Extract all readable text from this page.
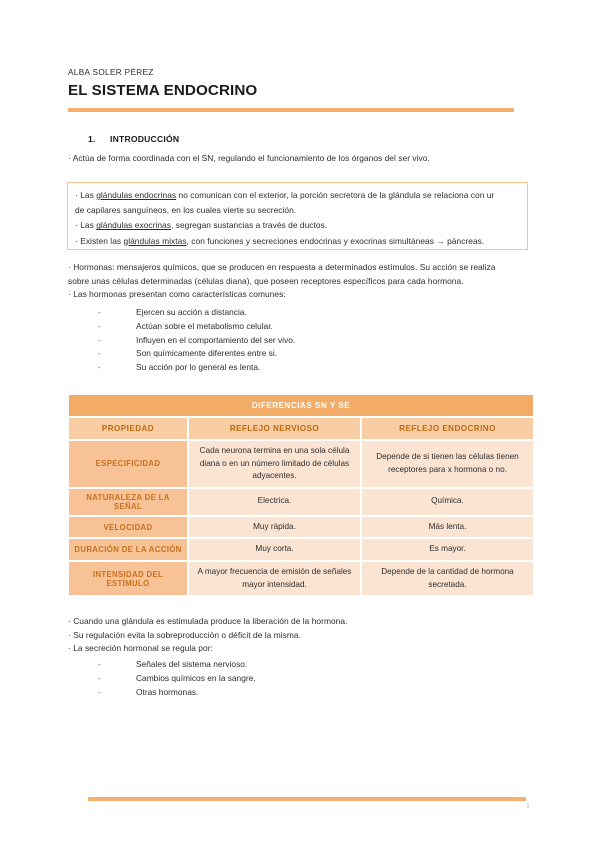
ALBA SOLER PÉREZ
EL SISTEMA ENDOCRINO
1. INTRODUCCIÓN
· Actúa de forma coordinada con el SN, regulando el funcionamiento de los órganos del ser vivo.
· Las glándulas endocrinas no comunican con el exterior, la porción secretora de la glándula se relaciona con ur
de capilares sanguíneos, en los cuales vierte su secreción.
· Las glándulas exocrinas, segregan sustancias a través de ductos.
· Existen las glándulas mixtas, con funciones y secreciones endocrinas y exocrinas simultáneas → páncreas.
· Hormonas: mensajeros químicos, que se producen en respuesta a determinados estímulos. Su acción se realiza
sobre unas células determinadas (células diana), que poseen receptores específicos para cada hormona.
· Las hormonas presentan como características comunes:
-	Ejercen su acción a distancia.
-	Actúan sobre el metabolismo celular.
-	Influyen en el comportamiento del ser vivo.
-	Son químicamente diferentes entre si.
-	Su acción por lo general es lenta.
DIFERENCIAS SN Y SE		
PROPIEDAD	REFLEJO NERVIOSO	REFLEJO ENDOCRINO
ESPECIFICIDAD	Cada neurona termina en una sola célula diana o en un número limitado de células adyacentes.	Depende de si tienen las células tienen receptores para x hormona o no.
NATURALEZA DE LA SEÑAL	Electrica.	Química.
VELOCIDAD	Muy rápida.	Más lenta.
DURACIÓN DE LA ACCIÓN	Muy corta.	Es mayor.
INTENSIDAD DEL ESTÍMULO	A mayor frecuencia de emisión de señales mayor intensidad.	Depende de la cantidad de hormona secretada.
· Cuando una glándula es estimulada produce la liberación de la hormona.
· Su regulación evita la sobreproducción o déficit de la misma.
· La secreción hormonal se regula por:
-	Señales del sistema nervioso.
-	Cambios químicos en la sangre.
-	Otras hormonas.
1
